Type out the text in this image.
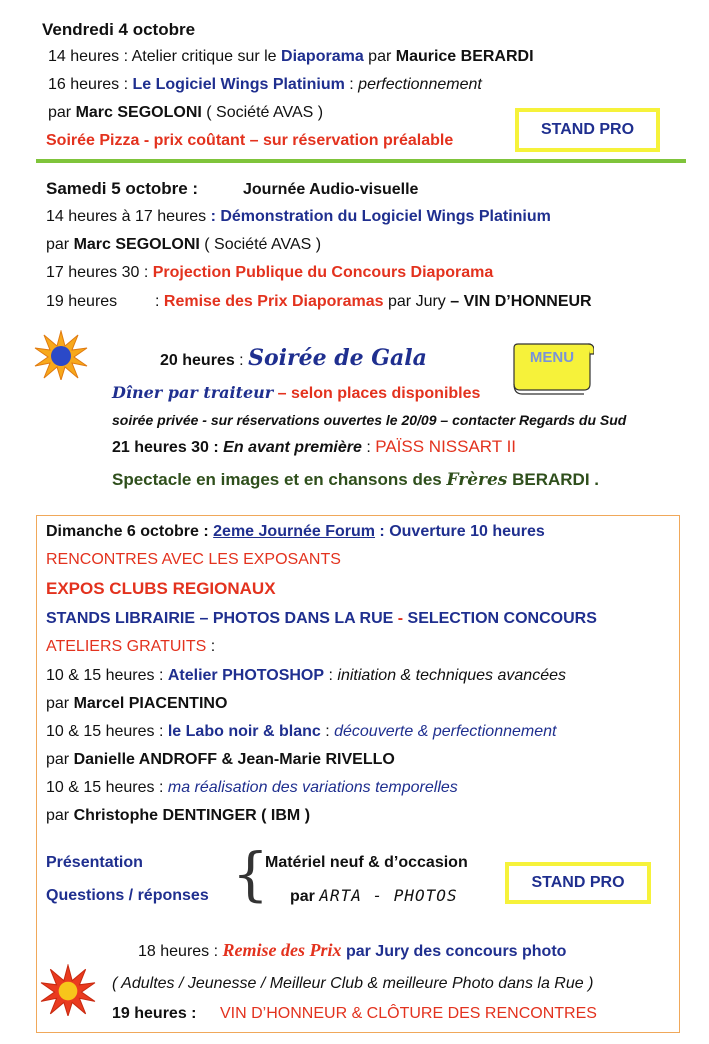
Vendredi 4 octobre
14 heures : Atelier critique sur le Diaporama par Maurice BERARDI
16 heures : Le Logiciel Wings Platinium : perfectionnement
par Marc SEGOLONI ( Société AVAS )
Soirée Pizza - prix coûtant – sur réservation préalable
STAND PRO
Samedi 5 octobre :	Journée Audio-visuelle
14 heures à 17 heures : Démonstration du Logiciel Wings Platinium
par Marc SEGOLONI ( Société AVAS )
17 heures 30 : Projection Publique du Concours Diaporama
19 heures : Remise des Prix Diaporamas par Jury – VIN D’HONNEUR
20 heures : Soirée de Gala	MENU
Dîner par traiteur – selon places disponibles
soirée privée - sur réservations ouvertes le 20/09 – contacter Regards du Sud
21 heures 30 : En avant première : PAÏSS NISSART II
Spectacle en images et en chansons des Frères BERARDI .
Dimanche 6 octobre : 2eme Journée Forum : Ouverture 10 heures
RENCONTRES AVEC LES EXPOSANTS
EXPOS CLUBS REGIONAUX
STANDS LIBRAIRIE – PHOTOS DANS LA RUE - SELECTION CONCOURS
ATELIERS GRATUITS :
10 & 15 heures : Atelier PHOTOSHOP : initiation & techniques avancées
par Marcel PIACENTINO
10 & 15 heures : le Labo noir & blanc : découverte & perfectionnement
par Danielle ANDROFF & Jean-Marie RIVELLO
10 & 15 heures : ma réalisation des variations temporelles
par Christophe DENTINGER ( IBM )
Présentation
Questions / réponses {
Matériel neuf & d’occasion
par ARTA - PHOTOS
STAND PRO
18 heures : Remise des Prix par Jury des concours photo
( Adultes / Jeunesse / Meilleur Club & meilleure Photo dans la Rue )
19 heures : VIN D’HONNEUR & CLÔTURE DES RENCONTRES
